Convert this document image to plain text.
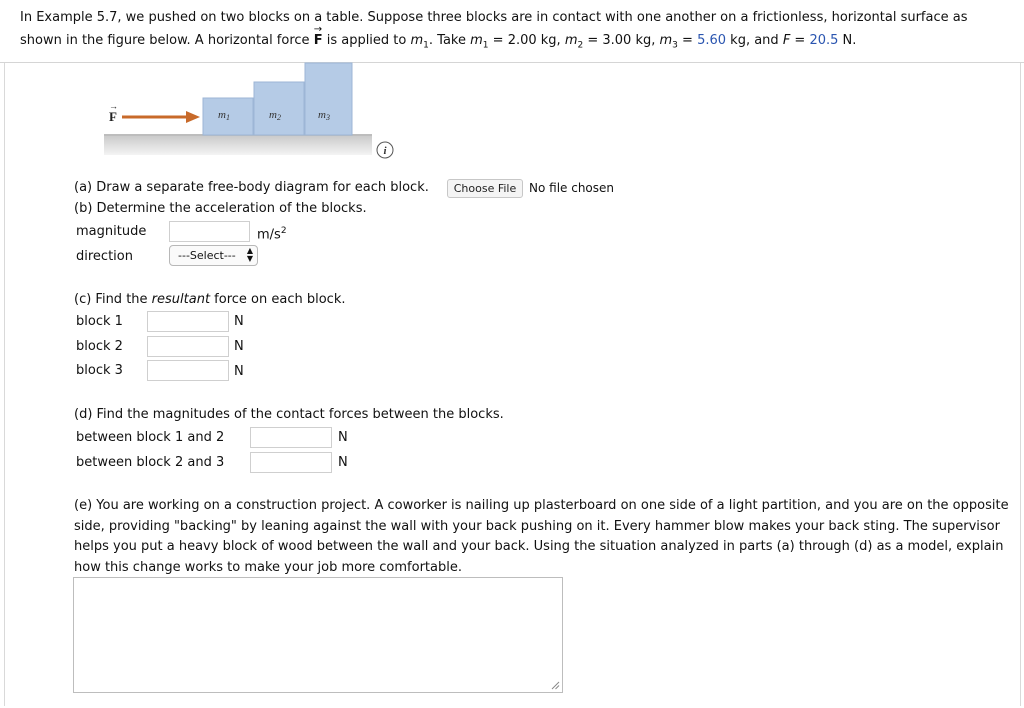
In Example 5.7, we pushed on two blocks on a table. Suppose three blocks are in contact with one another on a frictionless, horizontal surface as shown in the figure below. A horizontal force → F is applied to $m_1$. Take $m_1 = 2.00$ kg, $m_2 = 3.00$ kg, $m_3 = 5.60$ kg, and F = 20.5 N.

F
→
m1	m2	m3
i
(a) Draw a separate free-body diagram for each block.	Choose File	No file chosen
(b) Determine the acceleration of the blocks.
magnitude	$m/s^2$
direction	---Select--- ▲
▼
(c) Find the resultant force on each block.
block 1	N
block 2	N
block 3	N
(d) Find the magnitudes of the contact forces between the blocks.
between block 1 and 2	N
between block 2 and 3	N
(e) You are working on a construction project. A coworker is nailing up plasterboard on one side of a light partition, and you are on the opposite side, providing "backing" by leaning against the wall with your back pushing on it. Every hammer blow makes your back sting. The supervisor helps you put a heavy block of wood between the wall and your back. Using the situation analyzed in parts (a) through (d) as a model, explain how this change works to make your job more comfortable.
